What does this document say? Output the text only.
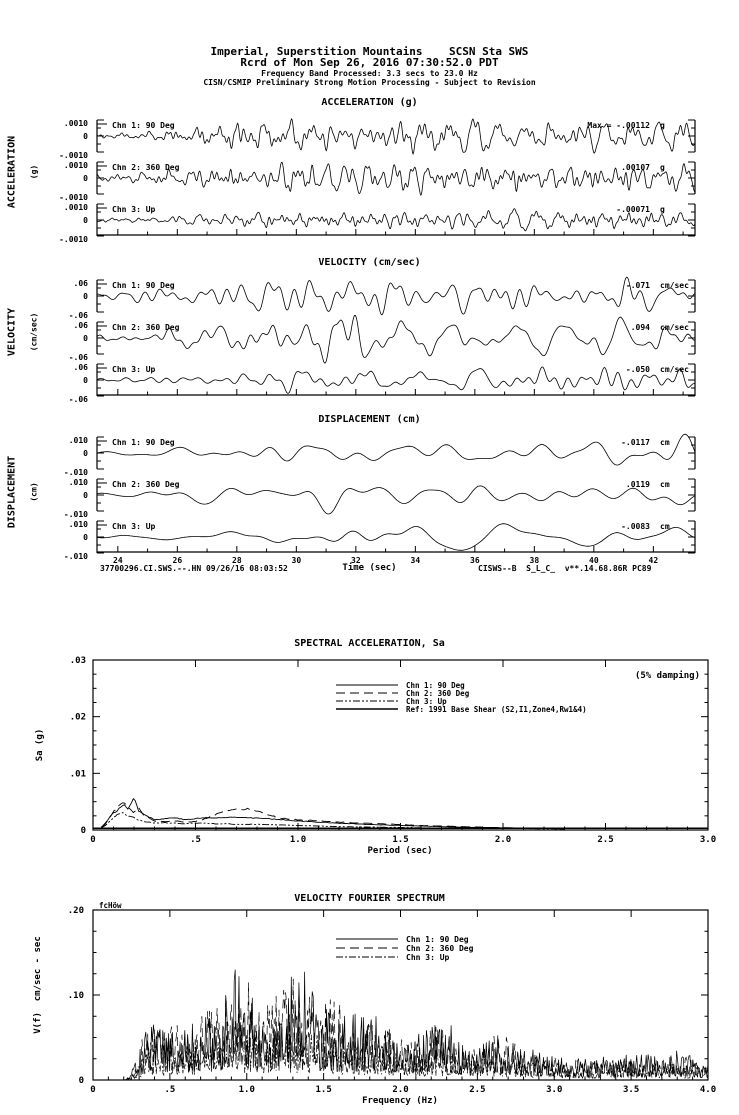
Imperial, Superstition Mountains    SCSN Sta SWS
Rcrd of Mon Sep 26, 2016 07:30:52.0 PDT
Frequency Band Processed: 3.3 secs to 23.0 Hz
CISN/CSMIP Preliminary Strong Motion Processing - Subject to Revision
ACCELERATION (g)
VELOCITY (cm/sec)
DISPLACEMENT (cm)
ACCELERATION (g)
VELOCITY (cm/sec)
DISPLACEMENT (cm)
Chn 1: 90 Deg	Max = -.00112 g
.0010
0
-.0010
Chn 2: 360 Deg	.00107 g
.0010
0
-.0010
Chn 3: Up	-.00071 g
.0010
0
-.0010
Chn 1: 90 Deg	-.071 cm/sec
.06
0
-.06
Chn 2: 360 Deg	.094 cm/sec
.06
0
-.06
Chn 3: Up	-.050 cm/sec
.06
0
-.06
Chn 1: 90 Deg	-.0117 cm
.010
0
-.010
Chn 2: 360 Deg	.0119 cm
.010
0
-.010
Chn 3: Up	-.0083 cm
.010
0
-.010	24	26	28	30	32	34	36	38	40	42
Time (sec)
37700296.CI.SWS.--.HN 09/26/16 08:03:52	CISWS--B  S_L_C_  v**.14.68.86R PC89
SPECTRAL ACCELERATION, Sa
Sa (g)
.03
.02
.01
0
0	.5	1.0	1.5	2.0	2.5	3.0
Period (sec)
(5% damping)
Chn 1: 90 Deg
Chn 2: 360 Deg
Chn 3: Up
Ref: 1991 Base Shear (S2,I1,Zone4,Rw1&4)
VELOCITY FOURIER SPECTRUM
V(f)  cm/sec - sec
fcHöw
.20
.10
0
0	.5	1.0	1.5	2.0	2.5	3.0	3.5	4.0
Frequency (Hz)
Chn 1: 90 Deg
Chn 2: 360 Deg
Chn 3: Up
